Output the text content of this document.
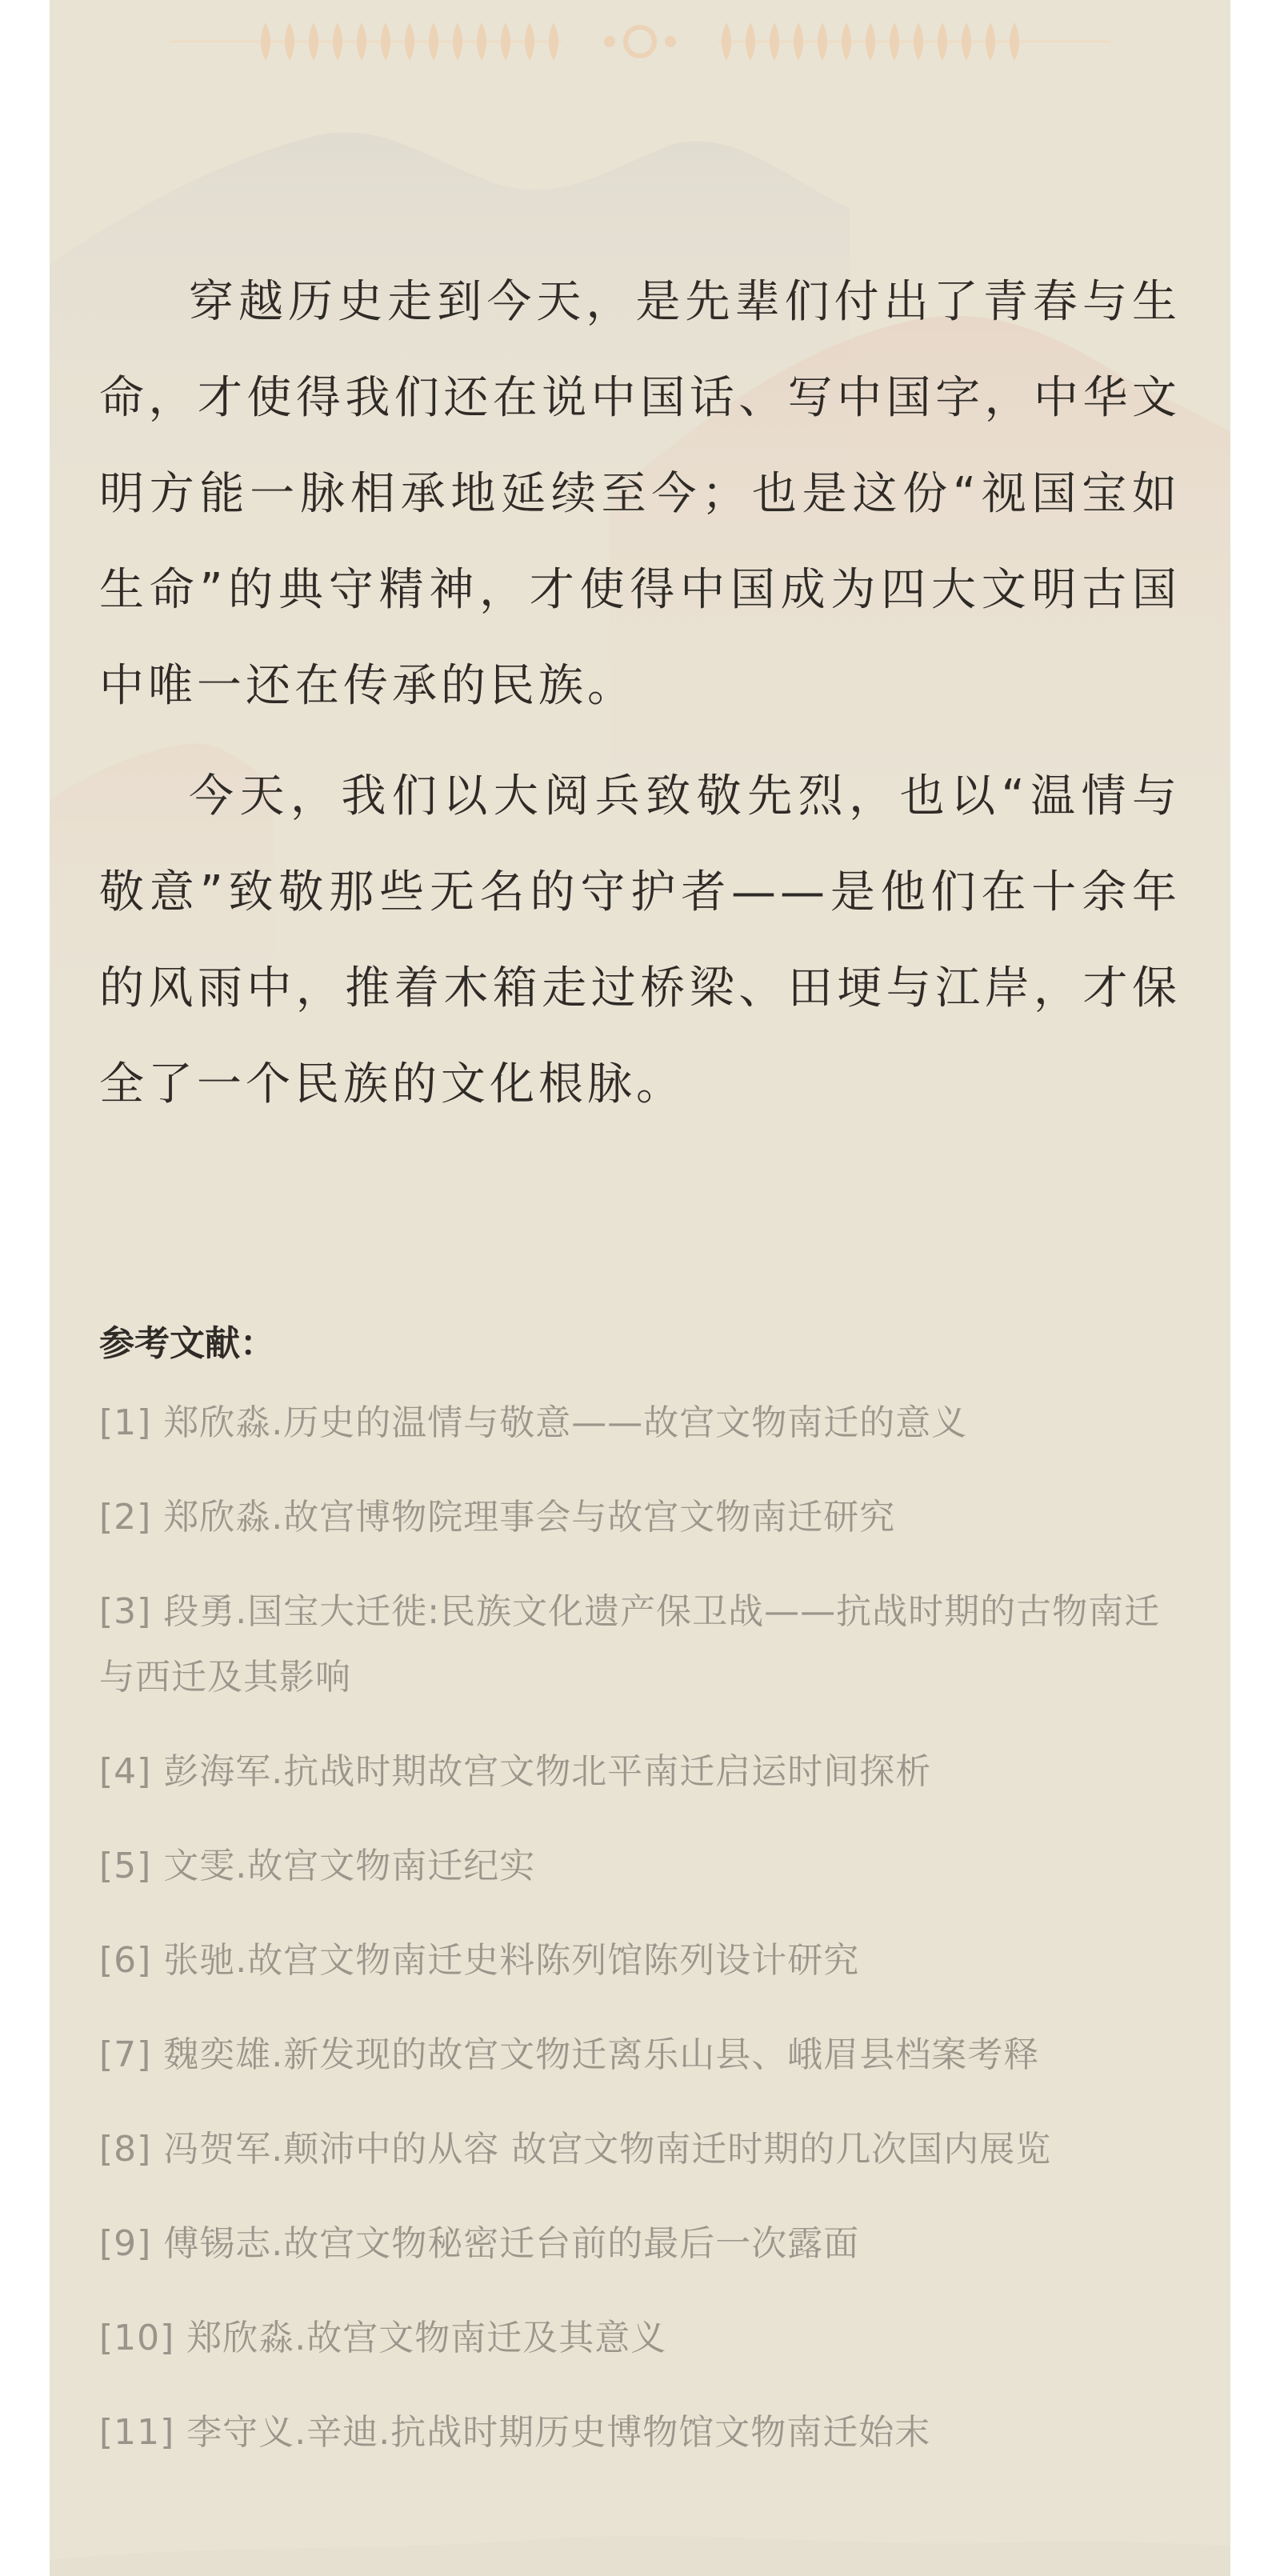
穿越历史走到今天，是先辈们付出了青春与生命，才使得我们还在说中国话、写中国字，中华文明方能一脉相承地延续至今；也是这份“视国宝如生命”的典守精神，才使得中国成为四大文明古国中唯一还在传承的民族。

今天，我们以大阅兵致敬先烈，也以“温情与敬意”致敬那些无名的守护者——是他们在十余年的风雨中，推着木箱走过桥梁、田埂与江岸，才保全了一个民族的文化根脉。

参考文献：
[1] 郑欣淼.历史的温情与敬意——故宫文物南迁的意义
[2] 郑欣淼.故宫博物院理事会与故宫文物南迁研究
[3] 段勇.国宝大迁徙:民族文化遗产保卫战——抗战时期的古物南迁与西迁及其影响
[4] 彭海军.抗战时期故宫文物北平南迁启运时间探析
[5] 文雯.故宫文物南迁纪实
[6] 张驰.故宫文物南迁史料陈列馆陈列设计研究
[7] 魏奕雄.新发现的故宫文物迁离乐山县、峨眉县档案考释
[8] 冯贺军.颠沛中的从容 故宫文物南迁时期的几次国内展览
[9] 傅锡志.故宫文物秘密迁台前的最后一次露面
[10] 郑欣淼.故宫文物南迁及其意义
[11] 李守义.辛迪.抗战时期历史博物馆文物南迁始末
